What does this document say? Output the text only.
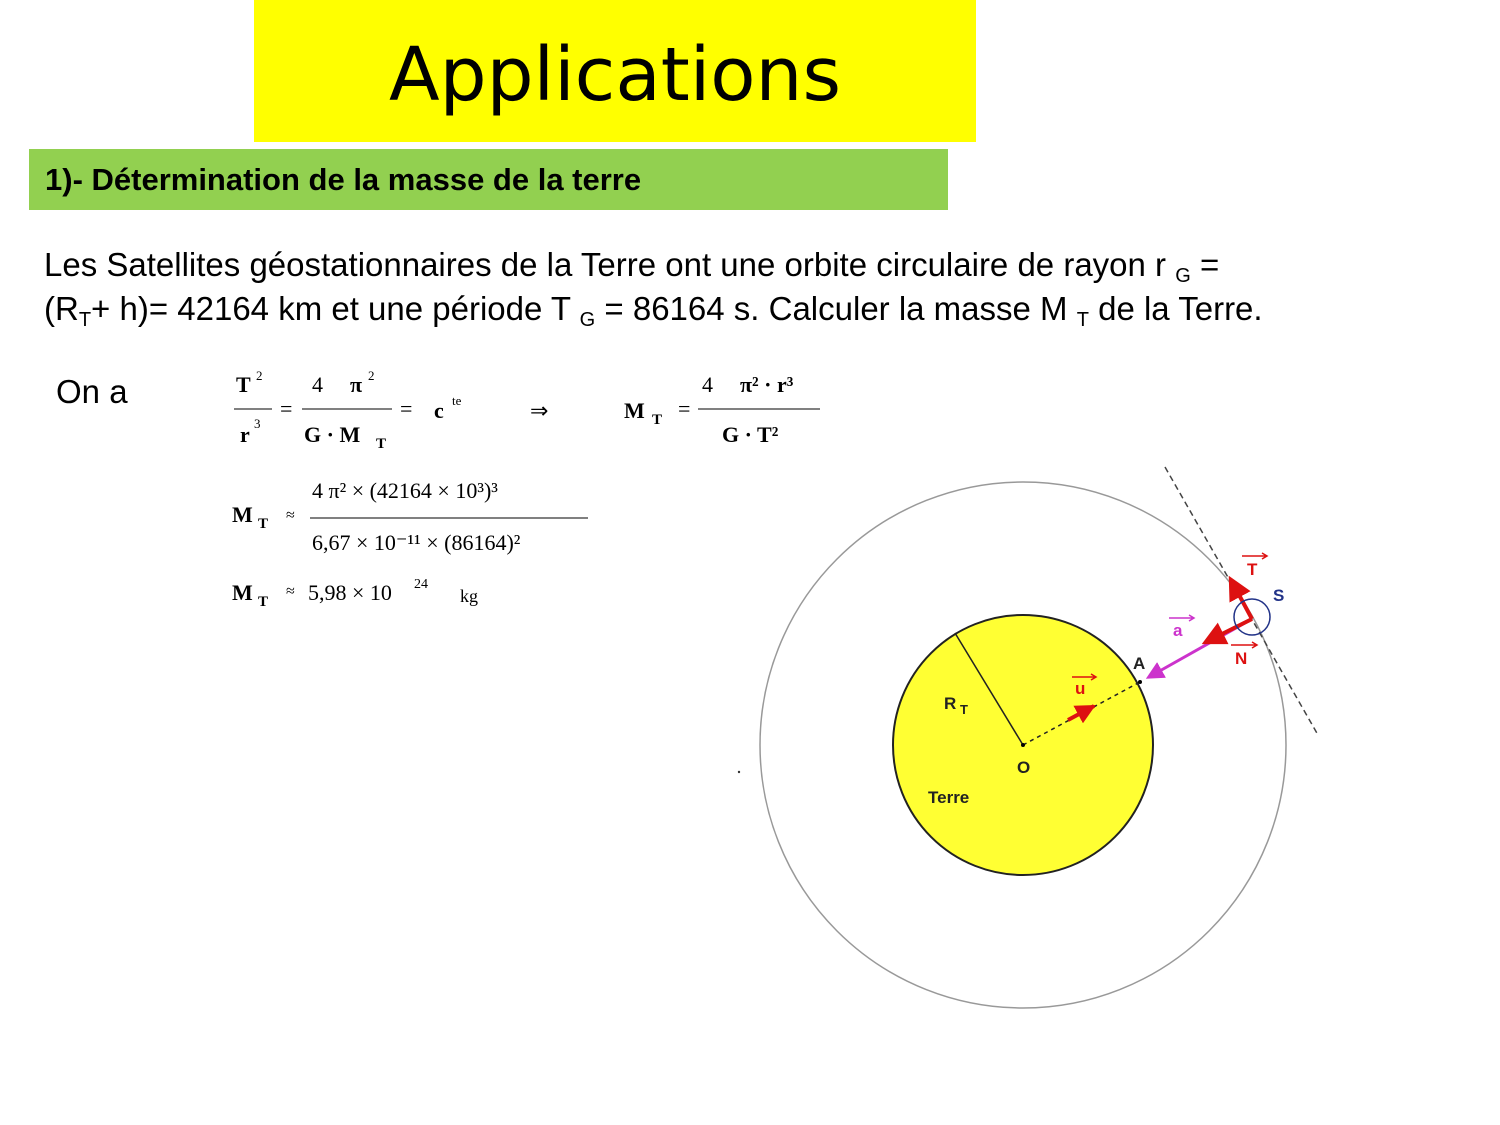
Applications
1)- Détermination de la masse de la terre
Les Satellites géostationnaires de la Terre ont une orbite circulaire de rayon r $_G$ =
$(R_T+ h)= 42164$ km et une période T $_G$ = 86164 s. Calculer la masse M $_T$ de la Terre.
On a	T 2
r 3
=
4 π 2
G · M T
= c te	⇒	M T =
4 π² · r³
G · T²
M T ≈
4 π² × (42164 × 10³)³
6,67 × 10⁻¹¹ × (86164)²
M T
≈ 5,98 × 10 24
kg	S
A
O
R T
Terre
T
N
a
u
